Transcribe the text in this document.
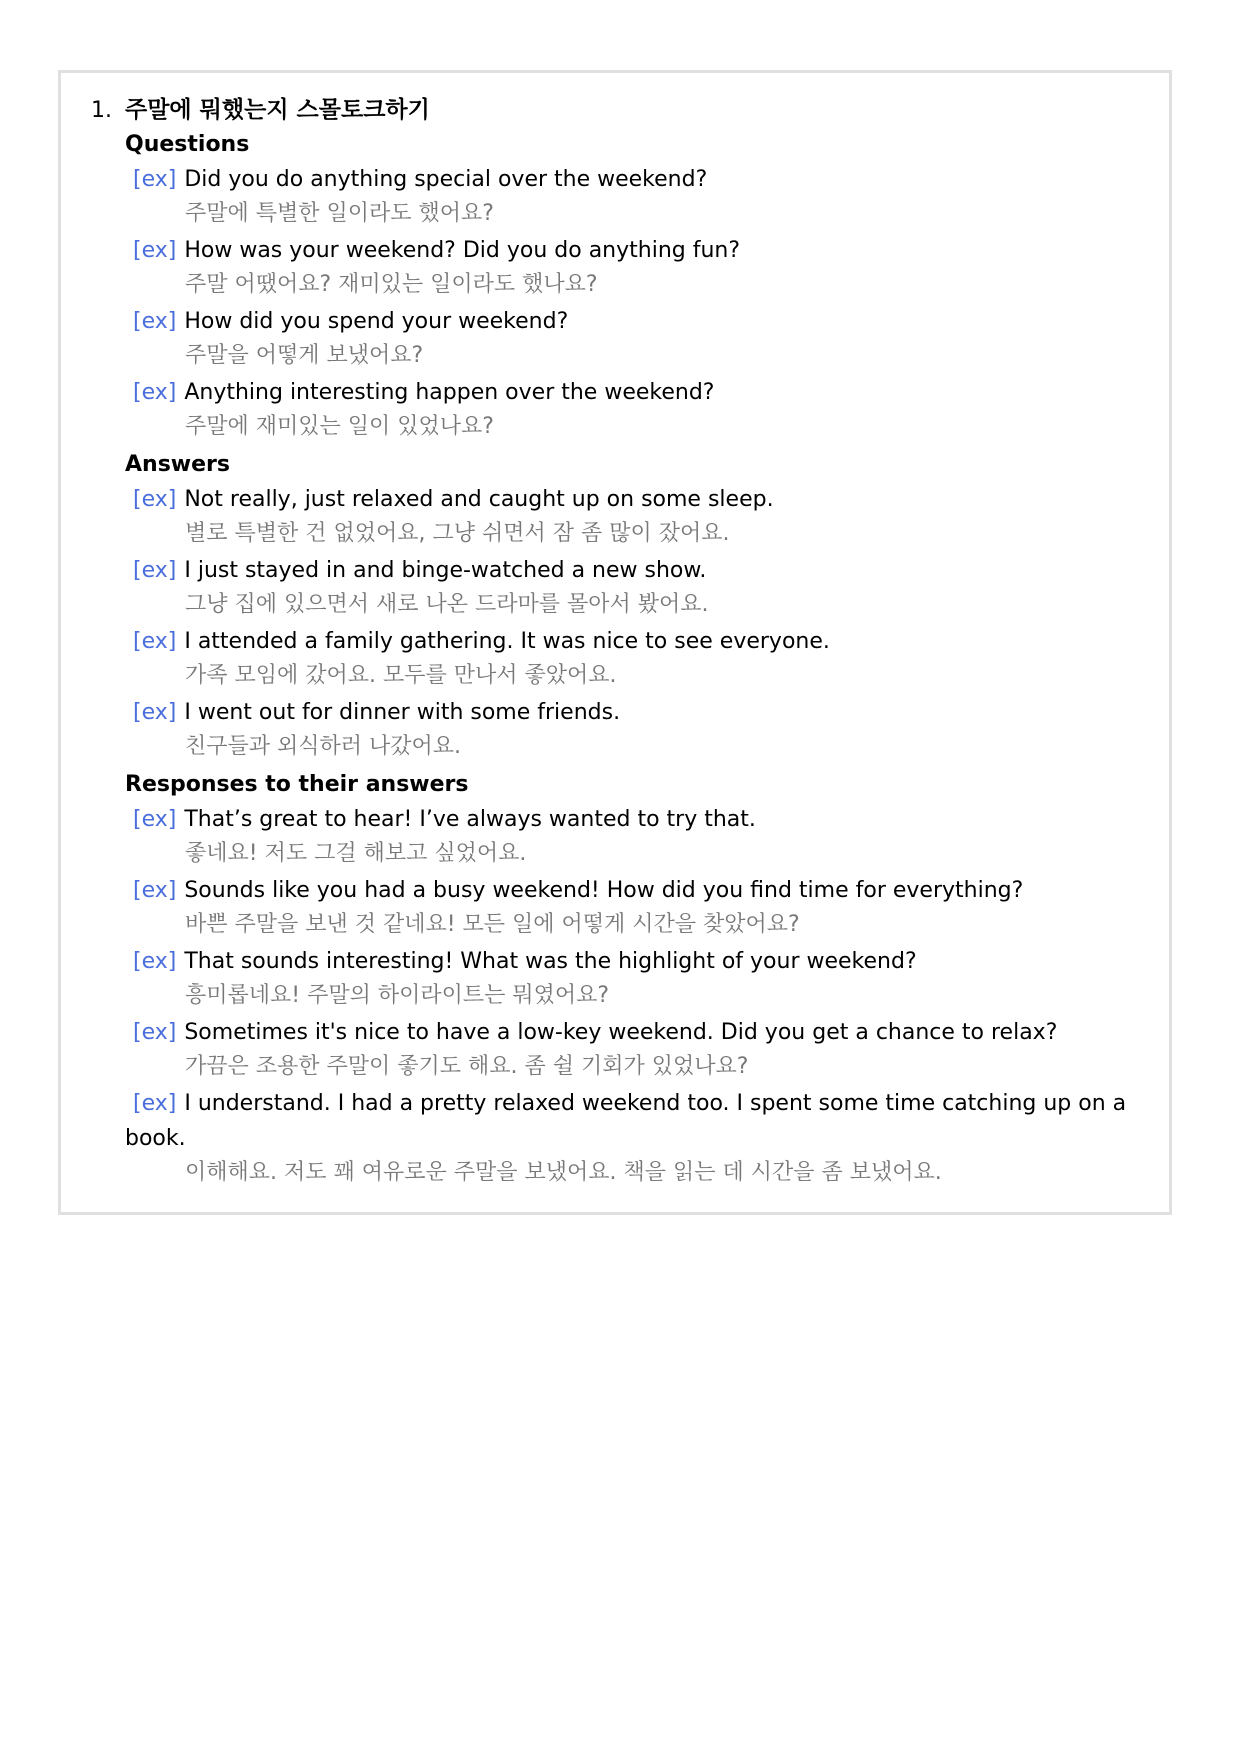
1. 주말에 뭐했는지 스몰토크하기
Questions
[ex] Did you do anything special over the weekend?
주말에 특별한 일이라도 했어요?
[ex] How was your weekend? Did you do anything fun?
주말 어땠어요? 재미있는 일이라도 했나요?
[ex] How did you spend your weekend?
주말을 어떻게 보냈어요?
[ex] Anything interesting happen over the weekend?
주말에 재미있는 일이 있었나요?
Answers
[ex] Not really, just relaxed and caught up on some sleep.
별로 특별한 건 없었어요, 그냥 쉬면서 잠 좀 많이 잤어요.
[ex] I just stayed in and binge-watched a new show.
그냥 집에 있으면서 새로 나온 드라마를 몰아서 봤어요.
[ex] I attended a family gathering. It was nice to see everyone.
가족 모임에 갔어요. 모두를 만나서 좋았어요.
[ex] I went out for dinner with some friends.
친구들과 외식하러 나갔어요.
Responses to their answers
[ex] That’s great to hear! I’ve always wanted to try that.
좋네요! 저도 그걸 해보고 싶었어요.
[ex] Sounds like you had a busy weekend! How did you find time for everything?
바쁜 주말을 보낸 것 같네요! 모든 일에 어떻게 시간을 찾았어요?
[ex] That sounds interesting! What was the highlight of your weekend?
흥미롭네요! 주말의 하이라이트는 뭐였어요?
[ex] Sometimes it's nice to have a low-key weekend. Did you get a chance to relax?
가끔은 조용한 주말이 좋기도 해요. 좀 쉴 기회가 있었나요?
[ex] I understand. I had a pretty relaxed weekend too. I spent some time catching up on a book.
이해해요. 저도 꽤 여유로운 주말을 보냈어요. 책을 읽는 데 시간을 좀 보냈어요.
